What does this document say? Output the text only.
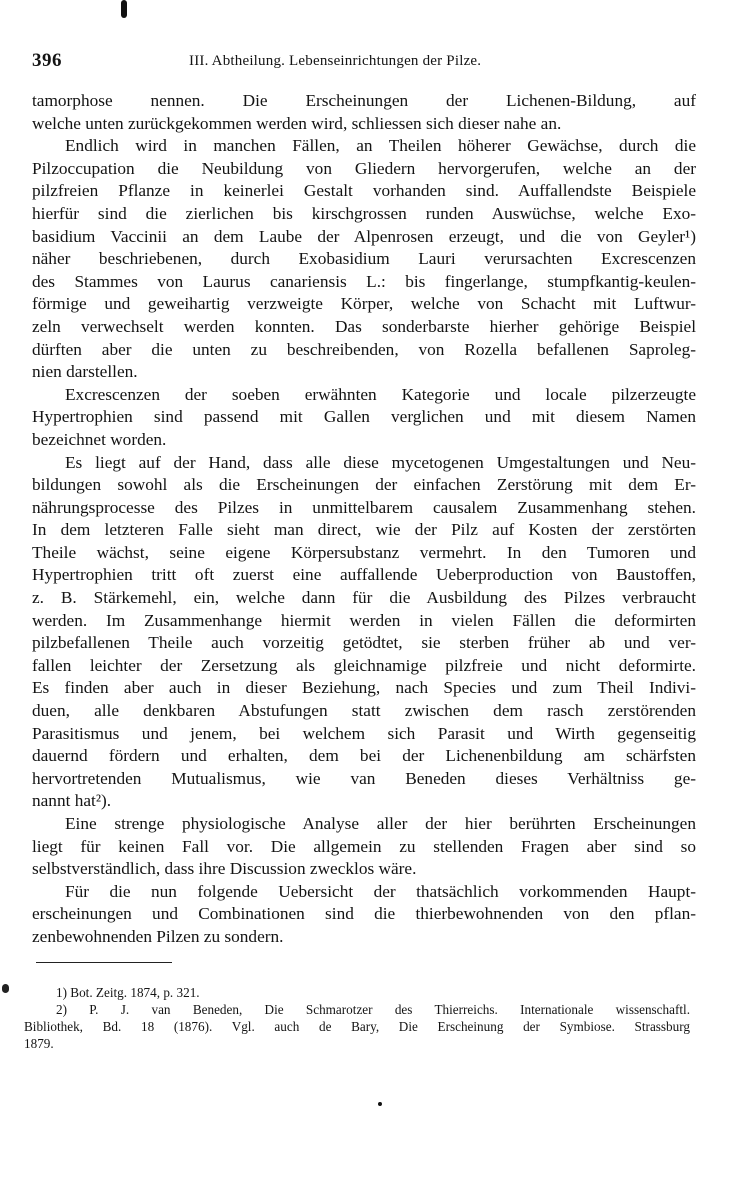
396	III. Abtheilung. Lebenseinrichtungen der Pilze.
tamorphose nennen. Die Erscheinungen der Lichenen-Bildung, auf
welche unten zurückgekommen werden wird, schliessen sich dieser nahe an.
Endlich wird in manchen Fällen, an Theilen höherer Gewächse, durch die
Pilzoccupation die Neubildung von Gliedern hervorgerufen, welche an der
pilzfreien Pflanze in keinerlei Gestalt vorhanden sind. Auffallendste Beispiele
hierfür sind die zierlichen bis kirschgrossen runden Auswüchse, welche Exo-
basidium Vaccinii an dem Laube der Alpenrosen erzeugt, und die von Geyler¹)
näher beschriebenen, durch Exobasidium Lauri verursachten Excrescenzen
des Stammes von Laurus canariensis L.: bis fingerlange, stumpfkantig-keulen-
förmige und geweihartig verzweigte Körper, welche von Schacht mit Luftwur-
zeln verwechselt werden konnten. Das sonderbarste hierher gehörige Beispiel
dürften aber die unten zu beschreibenden, von Rozella befallenen Saproleg-
nien darstellen.
Excrescenzen der soeben erwähnten Kategorie und locale pilzerzeugte
Hypertrophien sind passend mit Gallen verglichen und mit diesem Namen
bezeichnet worden.
Es liegt auf der Hand, dass alle diese mycetogenen Umgestaltungen und Neu-
bildungen sowohl als die Erscheinungen der einfachen Zerstörung mit dem Er-
nährungsprocesse des Pilzes in unmittelbarem causalem Zusammenhang stehen.
In dem letzteren Falle sieht man direct, wie der Pilz auf Kosten der zerstörten
Theile wächst, seine eigene Körpersubstanz vermehrt. In den Tumoren und
Hypertrophien tritt oft zuerst eine auffallende Ueberproduction von Baustoffen,
z. B. Stärkemehl, ein, welche dann für die Ausbildung des Pilzes verbraucht
werden. Im Zusammenhange hiermit werden in vielen Fällen die deformirten
pilzbefallenen Theile auch vorzeitig getödtet, sie sterben früher ab und ver-
fallen leichter der Zersetzung als gleichnamige pilzfreie und nicht deformirte.
Es finden aber auch in dieser Beziehung, nach Species und zum Theil Indivi-
duen, alle denkbaren Abstufungen statt zwischen dem rasch zerstörenden
Parasitismus und jenem, bei welchem sich Parasit und Wirth gegenseitig
dauernd fördern und erhalten, dem bei der Lichenenbildung am schärfsten
hervortretenden Mutualismus, wie van Beneden dieses Verhältniss ge-
nannt hat²).
Eine strenge physiologische Analyse aller der hier berührten Erscheinungen
liegt für keinen Fall vor. Die allgemein zu stellenden Fragen aber sind so
selbstverständlich, dass ihre Discussion zwecklos wäre.
Für die nun folgende Uebersicht der thatsächlich vorkommenden Haupt-
erscheinungen und Combinationen sind die thierbewohnenden von den pflan-
zenbewohnenden Pilzen zu sondern.
1) Bot. Zeitg. 1874, p. 321.
2) P. J. van Beneden, Die Schmarotzer des Thierreichs. Internationale wissenschaftl.
Bibliothek, Bd. 18 (1876). Vgl. auch de Bary, Die Erscheinung der Symbiose. Strassburg
1879.
